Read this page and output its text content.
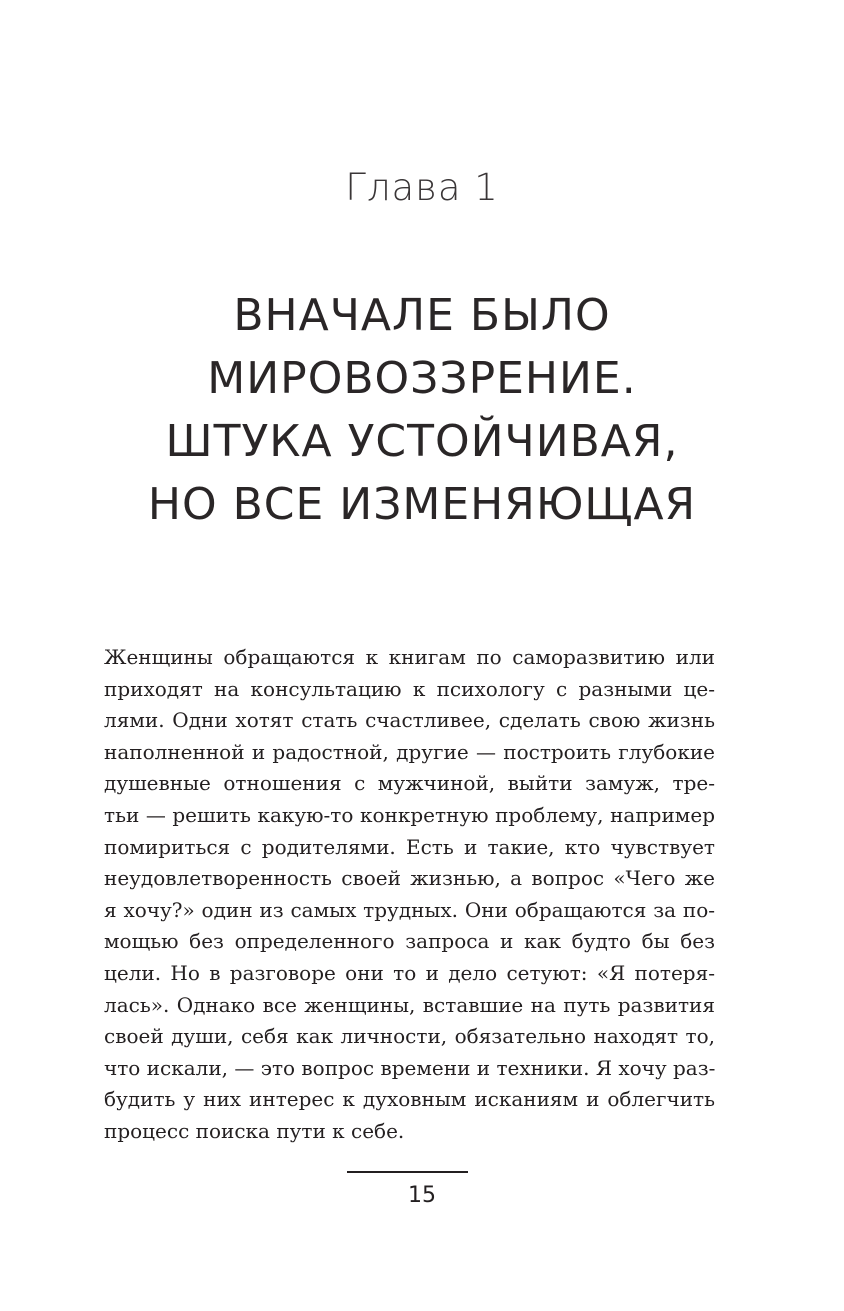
Глава 1
ВНАЧАЛЕ БЫЛО
МИРОВОЗЗРЕНИЕ.
ШТУКА УСТОЙЧИВАЯ,
НО ВСЕ ИЗМЕНЯЮЩАЯ
Женщины обращаются к книгам по саморазвитию или
приходят на консультацию к психологу с разными це-
лями. Одни хотят стать счастливее, сделать свою жизнь
наполненной и радостной, другие — построить глубокие
душевные отношения с мужчиной, выйти замуж, тре-
тьи — решить какую-то конкретную проблему, например
помириться с родителями. Есть и такие, кто чувствует
неудовлетворенность своей жизнью, а вопрос «Чего же
я хочу?» один из самых трудных. Они обращаются за по-
мощью без определенного запроса и как будто бы без
цели. Но в разговоре они то и дело сетуют: «Я потеря-
лась». Однако все женщины, вставшие на путь развития
своей души, себя как личности, обязательно находят то,
что искали, — это вопрос времени и техники. Я хочу раз-
будить у них интерес к духовным исканиям и облегчить
процесс поиска пути к себе.
15
